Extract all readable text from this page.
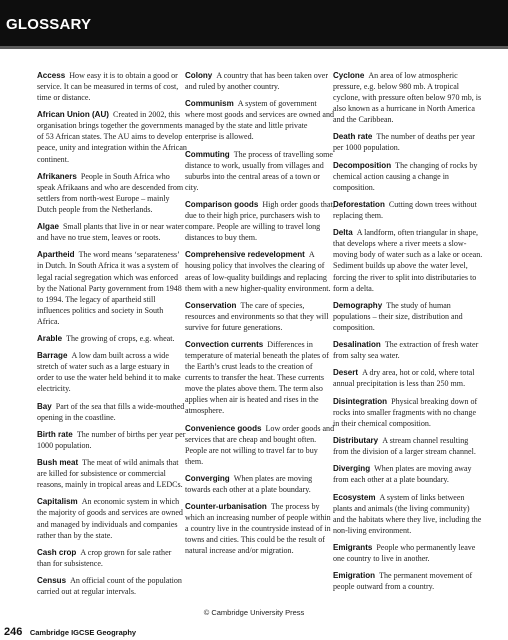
GLOSSARY

Access  How easy it is to obtain a good or service. It can be measured in terms of cost, time or distance.

African Union (AU)  Created in 2002, this organisation brings together the governments of 53 African states. The AU aims to develop peace, unity and integration within the African continent.

Afrikaners  People in South Africa who speak Afrikaans and who are descended from settlers from north-west Europe – mainly Dutch people from the Netherlands.

Algae  Small plants that live in or near water and have no true stem, leaves or roots.

Apartheid  The word means ‘separateness’ in Dutch. In South Africa it was a system of legal racial segregation which was enforced by the National Party government from 1948 to 1994. The legacy of apartheid still influences politics and society in South Africa.

Arable  The growing of crops, e.g. wheat.

Barrage  A low dam built across a wide stretch of water such as a large estuary in order to use the water held behind it to make electricity.

Bay  Part of the sea that fills a wide-mouthed opening in the coastline.

Birth rate  The number of births per year per 1000 population.

Bush meat  The meat of wild animals that are killed for subsistence or commercial reasons, mainly in tropical areas and LEDCs.

Capitalism  An economic system in which the majority of goods and services are owned and managed by individuals and companies rather than by the state.

Cash crop  A crop grown for sale rather than for subsistence.

Census  An official count of the population carried out at regular intervals.

Colony  A country that has been taken over and ruled by another country.

Communism  A system of government where most goods and services are owned and managed by the state and little private enterprise is allowed.

Commuting  The process of travelling some distance to work, usually from villages and suburbs into the central areas of a town or city.

Comparison goods  High order goods that, due to their high price, purchasers wish to compare. People are willing to travel long distances to buy them.

Comprehensive redevelopment  A housing policy that involves the clearing of areas of low-quality buildings and replacing them with a new higher-quality environment.

Conservation  The care of species, resources and environments so that they will survive for future generations.

Convection currents  Differences in temperature of material beneath the plates of the Earth’s crust leads to the creation of currents to transfer the heat. These currents move the plates above them. The term also applies when air is heated and rises in the atmosphere.

Convenience goods  Low order goods and services that are cheap and bought often. People are not willing to travel far to buy them.

Converging  When plates are moving towards each other at a plate boundary.

Counter-urbanisation  The process by which an increasing number of people within a country live in the countryside instead of in towns and cities. This could be the result of natural increase and/or migration.

Cyclone  An area of low atmospheric pressure, e.g. below 980 mb. A tropical cyclone, with pressure often below 970 mb, is also known as a hurricane in North America and the Caribbean.

Death rate  The number of deaths per year per 1000 population.

Decomposition  The changing of rocks by chemical action causing a change in composition.

Deforestation  Cutting down trees without replacing them.

Delta  A landform, often triangular in shape, that develops where a river meets a slow-moving body of water such as a lake or ocean. Sediment builds up above the water level, forcing the river to split into distributaries to form a delta.

Demography  The study of human populations – their size, distribution and composition.

Desalination  The extraction of fresh water from salty sea water.

Desert  A dry area, hot or cold, where total annual precipitation is less than 250 mm.

Disintegration  Physical breaking down of rocks into smaller fragments with no change in their chemical composition.

Distributary  A stream channel resulting from the division of a larger stream channel.

Diverging  When plates are moving away from each other at a plate boundary.

Ecosystem  A system of links between plants and animals (the living community) and the habitats where they live, including the non-living environment.

Emigrants  People who permanently leave one country to live in another.

Emigration  The permanent movement of people outward from a country.

© Cambridge University Press
246 Cambridge IGCSE Geography
